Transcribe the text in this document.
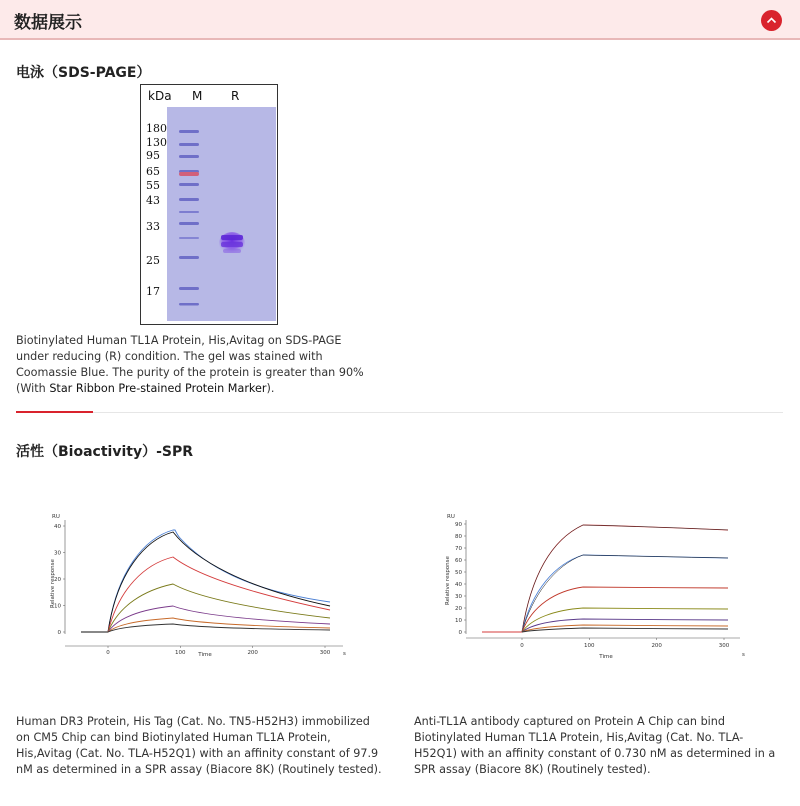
数据展示
电泳（SDS-PAGE）
kDa M R
180
130
95
65
55
43
33
25
17
Biotinylated Human TL1A Protein, His,Avitag on SDS-PAGE under reducing (R) condition. The gel was stained with Coomassie Blue. The purity of the protein is greater than 90% (With Star Ribbon Pre-stained Protein Marker).
活性（Bioactivity）-SPR
RU
Relative response
0
10
20
30
40
0	100	200	300
Time	s
Human DR3 Protein, His Tag (Cat. No. TN5-H52H3) immobilized on CM5 Chip can bind Biotinylated Human TL1A Protein, His,Avitag (Cat. No. TLA-H52Q1) with an affinity constant of 97.9 nM as determined in a SPR assay (Biacore 8K) (Routinely tested).
RU
Relative response
0
10
20
30
40
50
60
70
80
90
0	100	200	300
Time	s
Anti-TL1A antibody captured on Protein A Chip can bind Biotinylated Human TL1A Protein, His,Avitag (Cat. No. TLA-H52Q1) with an affinity constant of 0.730 nM as determined in a SPR assay (Biacore 8K) (Routinely tested).
